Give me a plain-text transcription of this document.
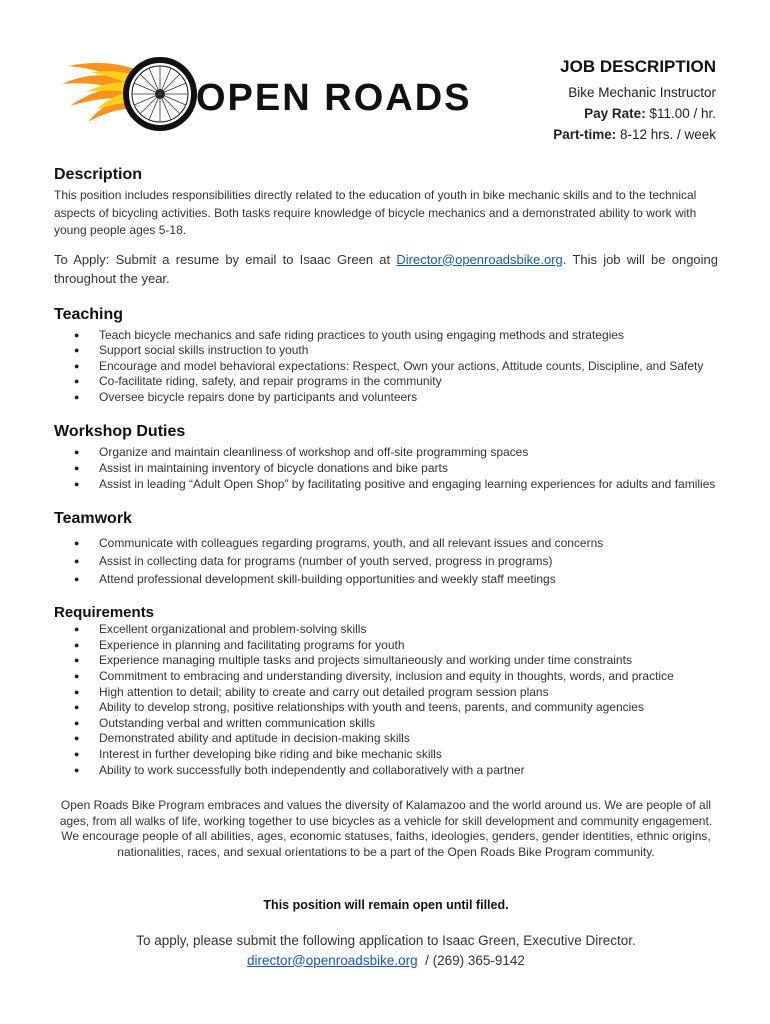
OPEN ROADS
JOB DESCRIPTION
Bike Mechanic Instructor
Pay Rate: $11.00 / hr.
Part-time: 8-12 hrs. / week
Description

This position includes responsibilities directly related to the education of youth in bike mechanic skills and to the technical aspects of bicycling activities. Both tasks require knowledge of bicycle mechanics and a demonstrated ability to work with young people ages 5-18.

To Apply: Submit a resume by email to Isaac Green at Director@openroadsbike.org. This job will be ongoing throughout the year.

Teaching
● Teach bicycle mechanics and safe riding practices to youth using engaging methods and strategies
● Support social skills instruction to youth
● Encourage and model behavioral expectations: Respect, Own your actions, Attitude counts, Discipline, and Safety
● Co-facilitate riding, safety, and repair programs in the community
● Oversee bicycle repairs done by participants and volunteers
Workshop Duties
● Organize and maintain cleanliness of workshop and off-site programming spaces
● Assist in maintaining inventory of bicycle donations and bike parts
● Assist in leading “Adult Open Shop” by facilitating positive and engaging learning experiences for adults and families
Teamwork
● Communicate with colleagues regarding programs, youth, and all relevant issues and concerns
● Assist in collecting data for programs (number of youth served, progress in programs)
● Attend professional development skill-building opportunities and weekly staff meetings
Requirements
● Excellent organizational and problem-solving skills
● Experience in planning and facilitating programs for youth
● Experience managing multiple tasks and projects simultaneously and working under time constraints
● Commitment to embracing and understanding diversity, inclusion and equity in thoughts, words, and practice
● High attention to detail; ability to create and carry out detailed program session plans
● Ability to develop strong, positive relationships with youth and teens, parents, and community agencies
● Outstanding verbal and written communication skills
● Demonstrated ability and aptitude in decision-making skills
● Interest in further developing bike riding and bike mechanic skills
● Ability to work successfully both independently and collaboratively with a partner
Open Roads Bike Program embraces and values the diversity of Kalamazoo and the world around us. We are people of all ages, from all walks of life, working together to use bicycles as a vehicle for skill development and community engagement. We encourage people of all abilities, ages, economic statuses, faiths, ideologies, genders, gender identities, ethnic origins, nationalities, races, and sexual orientations to be a part of the Open Roads Bike Program community.
This position will remain open until filled.
To apply, please submit the following application to Isaac Green, Executive Director.
director@openroadsbike.org / (269) 365-9142
